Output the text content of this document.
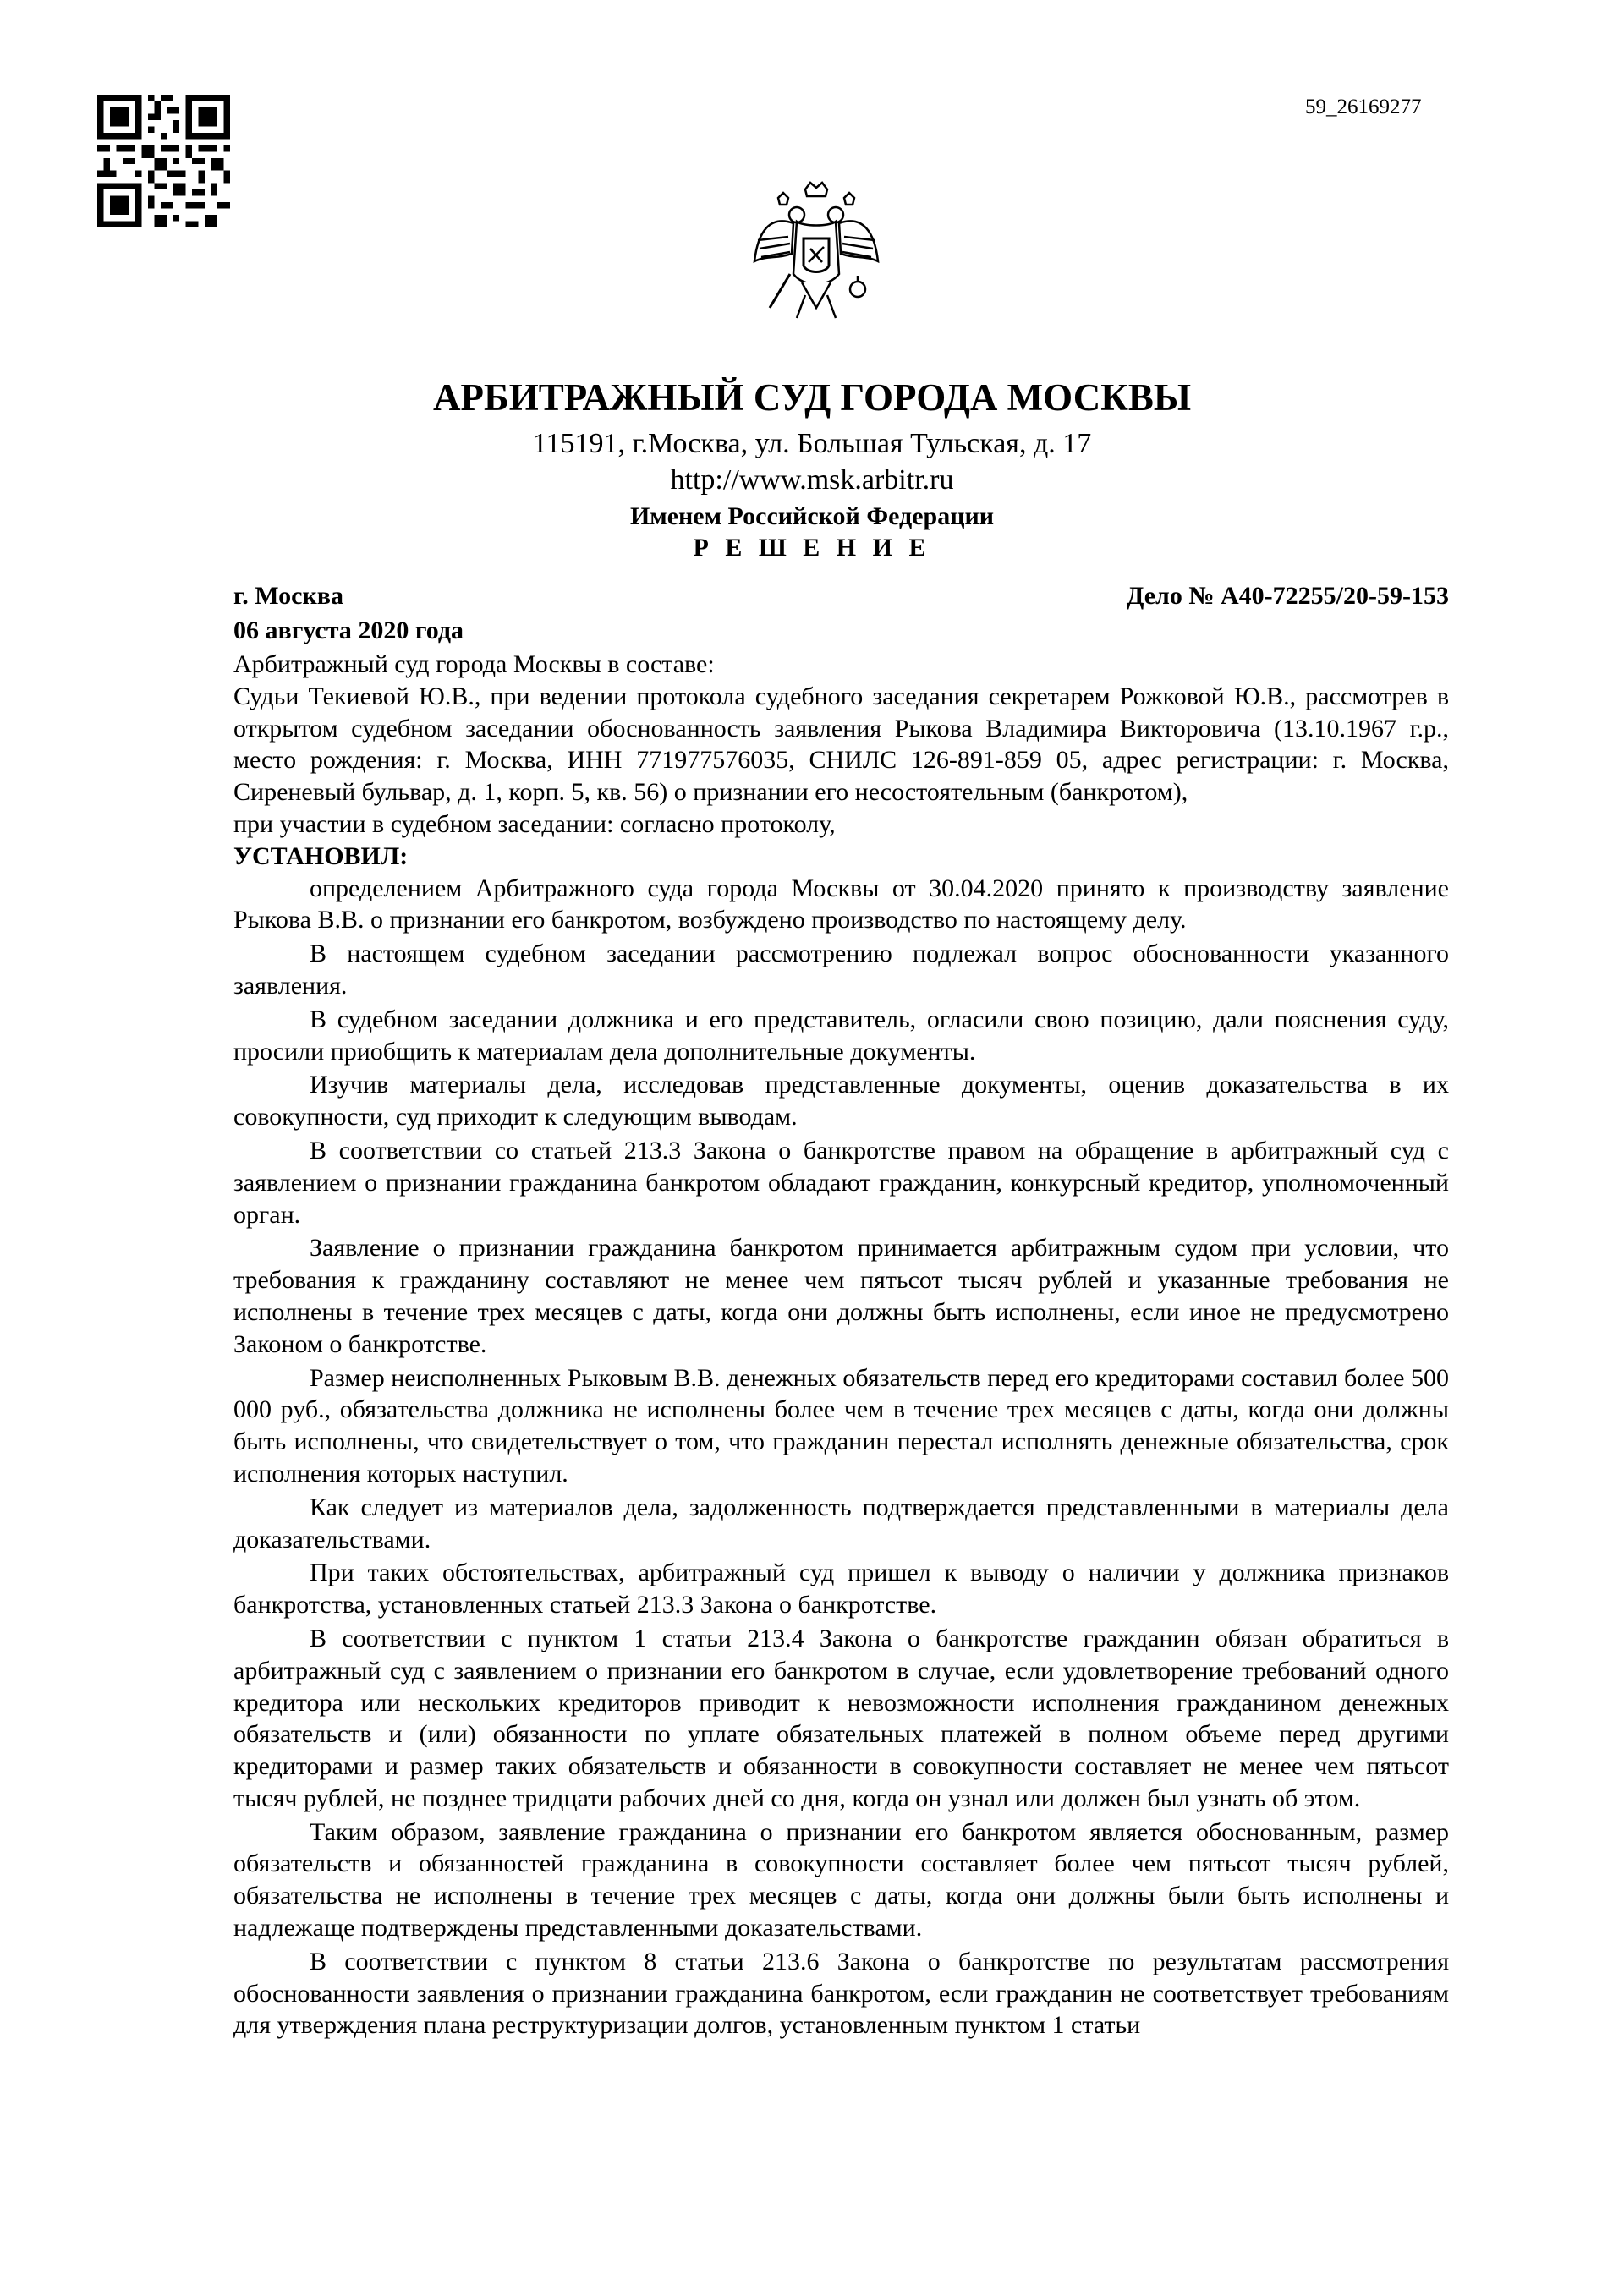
59_26169277
АРБИТРАЖНЫЙ СУД ГОРОДА МОСКВЫ
115191, г.Москва, ул. Большая Тульская, д. 17
http://www.msk.arbitr.ru
Именем Российской Федерации
Р Е Ш Е Н И Е
г. Москва	Дело № А40-72255/20-59-153
06 августа 2020 года

Арбитражный суд города Москвы в составе:

Судьи Текиевой Ю.В., при ведении протокола судебного заседания секретарем Рожковой Ю.В., рассмотрев в открытом судебном заседании обоснованность заявления Рыкова Владимира Викторовича (13.10.1967 г.р., место рождения: г. Москва, ИНН 771977576035, СНИЛС 126-891-859 05, адрес регистрации: г. Москва, Сиреневый бульвар, д. 1, корп. 5, кв. 56) о признании его несостоятельным (банкротом),

при участии в судебном заседании: согласно протоколу,

УСТАНОВИЛ:

определением Арбитражного суда города Москвы от 30.04.2020 принято к производству заявление Рыкова В.В. о признании его банкротом, возбуждено производство по настоящему делу.

В настоящем судебном заседании рассмотрению подлежал вопрос обоснованности указанного заявления.

В судебном заседании должника и его представитель, огласили свою позицию, дали пояснения суду, просили приобщить к материалам дела дополнительные документы.

Изучив материалы дела, исследовав представленные документы, оценив доказательства в их совокупности, суд приходит к следующим выводам.

В соответствии со статьей 213.3 Закона о банкротстве правом на обращение в арбитражный суд с заявлением о признании гражданина банкротом обладают гражданин, конкурсный кредитор, уполномоченный орган.

Заявление о признании гражданина банкротом принимается арбитражным судом при условии, что требования к гражданину составляют не менее чем пятьсот тысяч рублей и указанные требования не исполнены в течение трех месяцев с даты, когда они должны быть исполнены, если иное не предусмотрено Законом о банкротстве.

Размер неисполненных Рыковым В.В. денежных обязательств перед его кредиторами составил более 500 000 руб., обязательства должника не исполнены более чем в течение трех месяцев с даты, когда они должны быть исполнены, что свидетельствует о том, что гражданин перестал исполнять денежные обязательства, срок исполнения которых наступил.

Как следует из материалов дела, задолженность подтверждается представленными в материалы дела доказательствами.

При таких обстоятельствах, арбитражный суд пришел к выводу о наличии у должника признаков банкротства, установленных статьей 213.3 Закона о банкротстве.

В соответствии с пунктом 1 статьи 213.4 Закона о банкротстве гражданин обязан обратиться в арбитражный суд с заявлением о признании его банкротом в случае, если удовлетворение требований одного кредитора или нескольких кредиторов приводит к невозможности исполнения гражданином денежных обязательств и (или) обязанности по уплате обязательных платежей в полном объеме перед другими кредиторами и размер таких обязательств и обязанности в совокупности составляет не менее чем пятьсот тысяч рублей, не позднее тридцати рабочих дней со дня, когда он узнал или должен был узнать об этом.

Таким образом, заявление гражданина о признании его банкротом является обоснованным, размер обязательств и обязанностей гражданина в совокупности составляет более чем пятьсот тысяч рублей, обязательства не исполнены в течение трех месяцев с даты, когда они должны были быть исполнены и надлежаще подтверждены представленными доказательствами.

В соответствии с пунктом 8 статьи 213.6 Закона о банкротстве по результатам рассмотрения обоснованности заявления о признании гражданина банкротом, если гражданин не соответствует требованиям для утверждения плана реструктуризации долгов, установленным пунктом 1 статьи
